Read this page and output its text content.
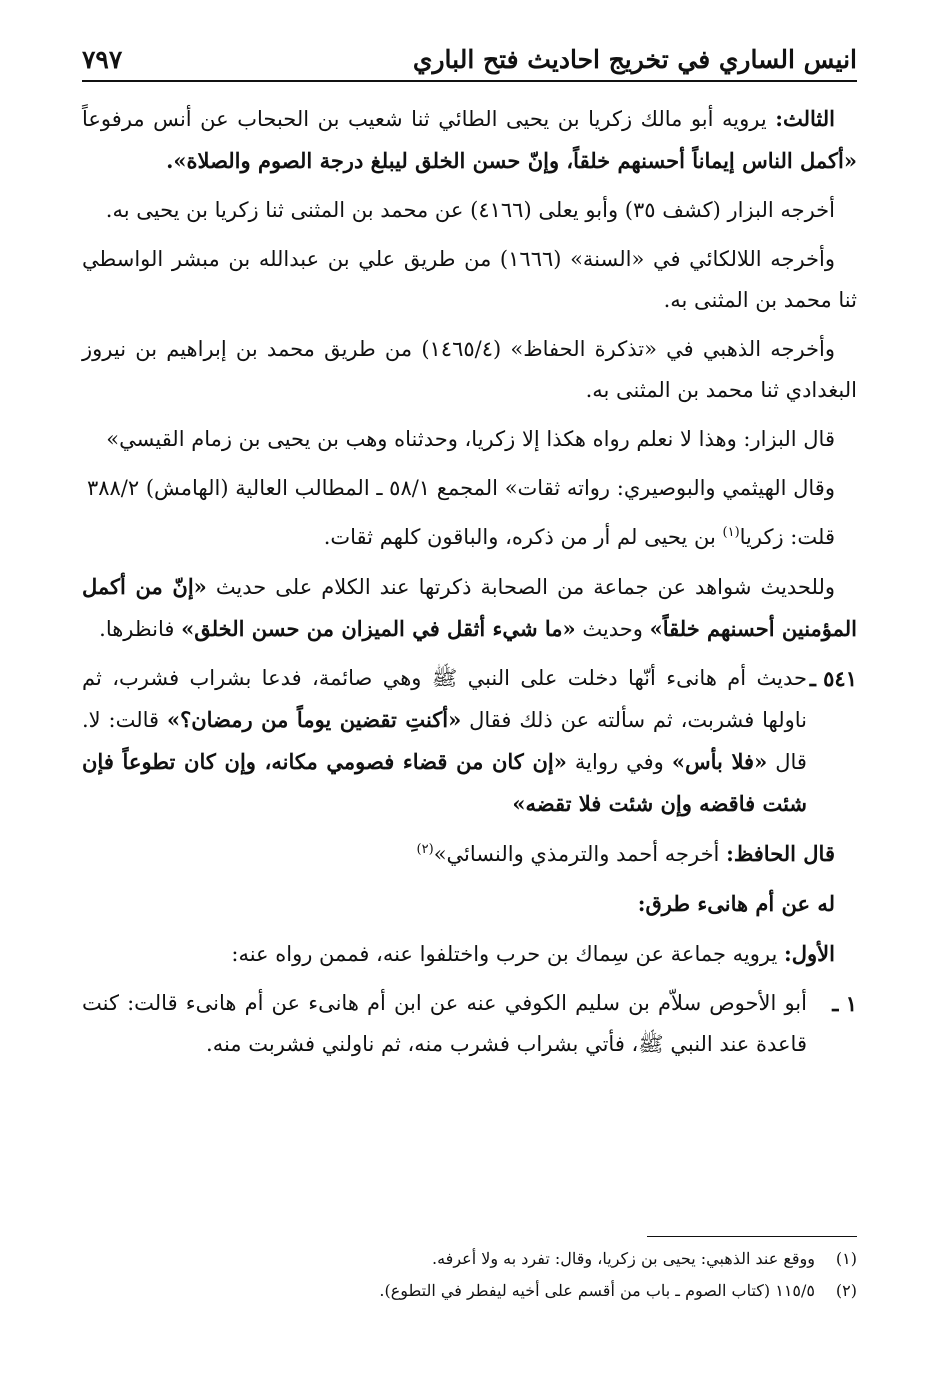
انيس الساري في تخريج احاديث فتح الباري
٧٩٧

الثالث: يرويه أبو مالك زكريا بن يحيى الطائي ثنا شعيب بن الحبحاب عن أنس مرفوعاً «أكمل الناس إيماناً أحسنهم خلقاً، وإنّ حسن الخلق ليبلغ درجة الصوم والصلاة».

أخرجه البزار (كشف ٣٥) وأبو يعلى (٤١٦٦) عن محمد بن المثنى ثنا زكريا بن يحيى به.

وأخرجه اللالكائي في «السنة» (١٦٦٦) من طريق علي بن عبدالله بن مبشر الواسطي ثنا محمد بن المثنى به.

وأخرجه الذهبي في «تذكرة الحفاظ» (١٤٦٥/٤) من طريق محمد بن إبراهيم بن نيروز البغدادي ثنا محمد بن المثنى به.

قال البزار: وهذا لا نعلم رواه هكذا إلا زكريا، وحدثناه وهب بن يحيى بن زمام القيسي»

وقال الهيثمي والبوصيري: رواته ثقات» المجمع ٥٨/١ ـ المطالب العالية (الهامش) ٣٨٨/٢

قلت: زكريا$^{(١)}$ بن يحيى لم أر من ذكره، والباقون كلهم ثقات.

وللحديث شواهد عن جماعة من الصحابة ذكرتها عند الكلام على حديث «إنّ من أكمل المؤمنين أحسنهم خلقاً» وحديث «ما شيء أثقل في الميزان من حسن الخلق» فانظرها.

٥٤١ ـ
حديث أم هانىء أنّها دخلت على النبي ﷺ وهي صائمة، فدعا بشراب فشرب، ثم ناولها فشربت، ثم سألته عن ذلك فقال «أكنتِ تقضين يوماً من رمضان؟» قالت: لا. قال «فلا بأس» وفي رواية «إن كان من قضاء فصومي مكانه، وإن كان تطوعاً فإن شئت فاقضه وإن شئت فلا تقضه»

قال الحافظ: أخرجه أحمد والترمذي والنسائي»$^{(٢)}$

له عن أم هانىء طرق:

الأول: يرويه جماعة عن سِماك بن حرب واختلفوا عنه، فممن رواه عنه:

١ ـ
أبو الأحوص سلاّم بن سليم الكوفي عنه عن ابن أم هانىء عن أم هانىء قالت: كنت قاعدة عند النبي ﷺ، فأتي بشراب فشرب منه، ثم ناولني فشربت منه.
(١)
ووقع عند الذهبي: يحيى بن زكريا، وقال: تفرد به ولا أعرفه.
(٢)
١١٥/٥ (كتاب الصوم ـ باب من أقسم على أخيه ليفطر في التطوع).
